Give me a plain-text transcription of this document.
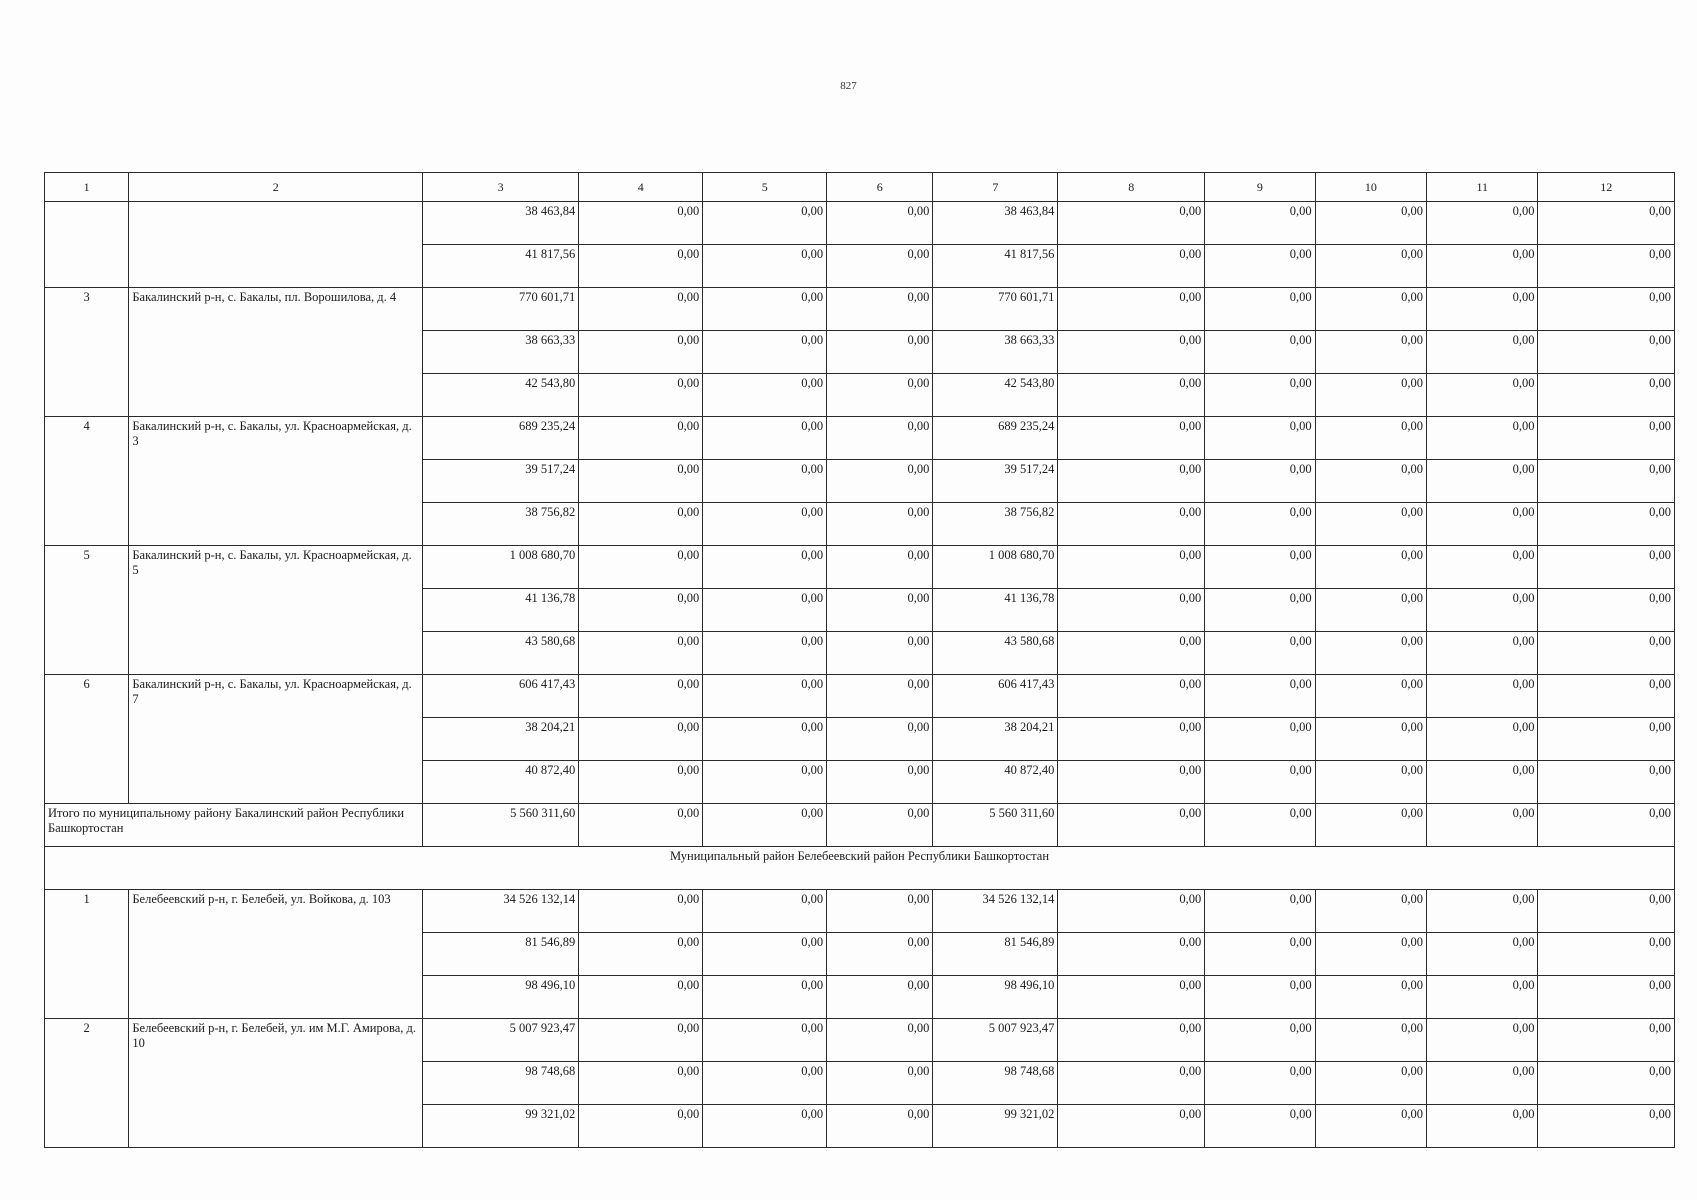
827
1	2	3	4	5	6	7	8	9	10	11	12
		38 463,84	0,00	0,00	0,00	38 463,84	0,00	0,00	0,00	0,00	0,00
		41 817,56	0,00	0,00	0,00	41 817,56	0,00	0,00	0,00	0,00	0,00
3	Бакалинский р-н, с. Бакалы, пл. Ворошилова, д. 4	770 601,71	0,00	0,00	0,00	770 601,71	0,00	0,00	0,00	0,00	0,00
		38 663,33	0,00	0,00	0,00	38 663,33	0,00	0,00	0,00	0,00	0,00
		42 543,80	0,00	0,00	0,00	42 543,80	0,00	0,00	0,00	0,00	0,00
4	Бакалинский р-н, с. Бакалы, ул. Красноармейская, д. 3	689 235,24	0,00	0,00	0,00	689 235,24	0,00	0,00	0,00	0,00	0,00
		39 517,24	0,00	0,00	0,00	39 517,24	0,00	0,00	0,00	0,00	0,00
		38 756,82	0,00	0,00	0,00	38 756,82	0,00	0,00	0,00	0,00	0,00
5	Бакалинский р-н, с. Бакалы, ул. Красноармейская, д. 5	1 008 680,70	0,00	0,00	0,00	1 008 680,70	0,00	0,00	0,00	0,00	0,00
		41 136,78	0,00	0,00	0,00	41 136,78	0,00	0,00	0,00	0,00	0,00
		43 580,68	0,00	0,00	0,00	43 580,68	0,00	0,00	0,00	0,00	0,00
6	Бакалинский р-н, с. Бакалы, ул. Красноармейская, д. 7	606 417,43	0,00	0,00	0,00	606 417,43	0,00	0,00	0,00	0,00	0,00
		38 204,21	0,00	0,00	0,00	38 204,21	0,00	0,00	0,00	0,00	0,00
		40 872,40	0,00	0,00	0,00	40 872,40	0,00	0,00	0,00	0,00	0,00
Итого по муниципальному району Бакалинский район Республики Башкортостан		5 560 311,60	0,00	0,00	0,00	5 560 311,60	0,00	0,00	0,00	0,00	0,00
Муниципальный район Белебеевский район Республики Башкортостан											
1	Белебеевский р-н, г. Белебей, ул. Войкова, д. 103	34 526 132,14	0,00	0,00	0,00	34 526 132,14	0,00	0,00	0,00	0,00	0,00
		81 546,89	0,00	0,00	0,00	81 546,89	0,00	0,00	0,00	0,00	0,00
		98 496,10	0,00	0,00	0,00	98 496,10	0,00	0,00	0,00	0,00	0,00
2	Белебеевский р-н, г. Белебей, ул. им М.Г. Амирова, д. 10	5 007 923,47	0,00	0,00	0,00	5 007 923,47	0,00	0,00	0,00	0,00	0,00
		98 748,68	0,00	0,00	0,00	98 748,68	0,00	0,00	0,00	0,00	0,00
		99 321,02	0,00	0,00	0,00	99 321,02	0,00	0,00	0,00	0,00	0,00
